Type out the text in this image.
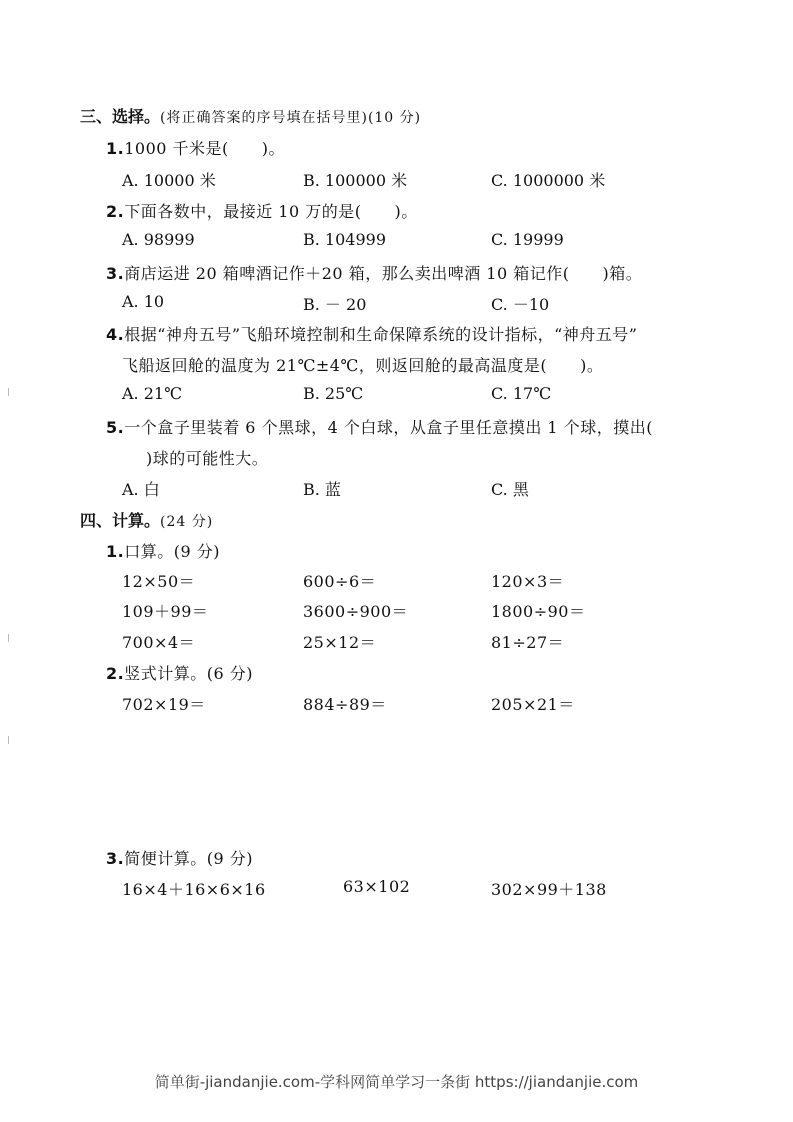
三、选择。(将正确答案的序号填在括号里)(10 分)
1.1000 千米是(　　)。
A. 10000 米	B. 100000 米	C. 1000000 米
2.下面各数中，最接近 10 万的是(　　)。
A. 98999	B. 104999	C. 19999
3.商店运进 20 箱啤酒记作＋20 箱，那么卖出啤酒 10 箱记作(　　)箱。
A. 10	B. － 20	C. －10
4.根据“神舟五号”飞船环境控制和生命保障系统的设计指标，“神舟五号”
飞船返回舱的温度为 21℃±4℃，则返回舱的最高温度是(　　)。
A. 21℃	B. 25℃	C. 17℃
5.一个盒子里装着 6 个黑球，4 个白球，从盒子里任意摸出 1 个球，摸出(
)球的可能性大。
A. 白	B. 蓝	C. 黑
四、计算。(24 分)
1.口算。(9 分)
12×50＝	600÷6＝	120×3＝
109＋99＝	3600÷900＝	1800÷90＝
700×4＝	25×12＝	81÷27＝
2.竖式计算。(6 分)
702×19＝	884÷89＝	205×21＝
3.简便计算。(9 分)
16×4＋16×6×16	63×102	302×99＋138
简单街-jiandanjie.com-学科网简单学习一条街 https://jiandanjie.com
